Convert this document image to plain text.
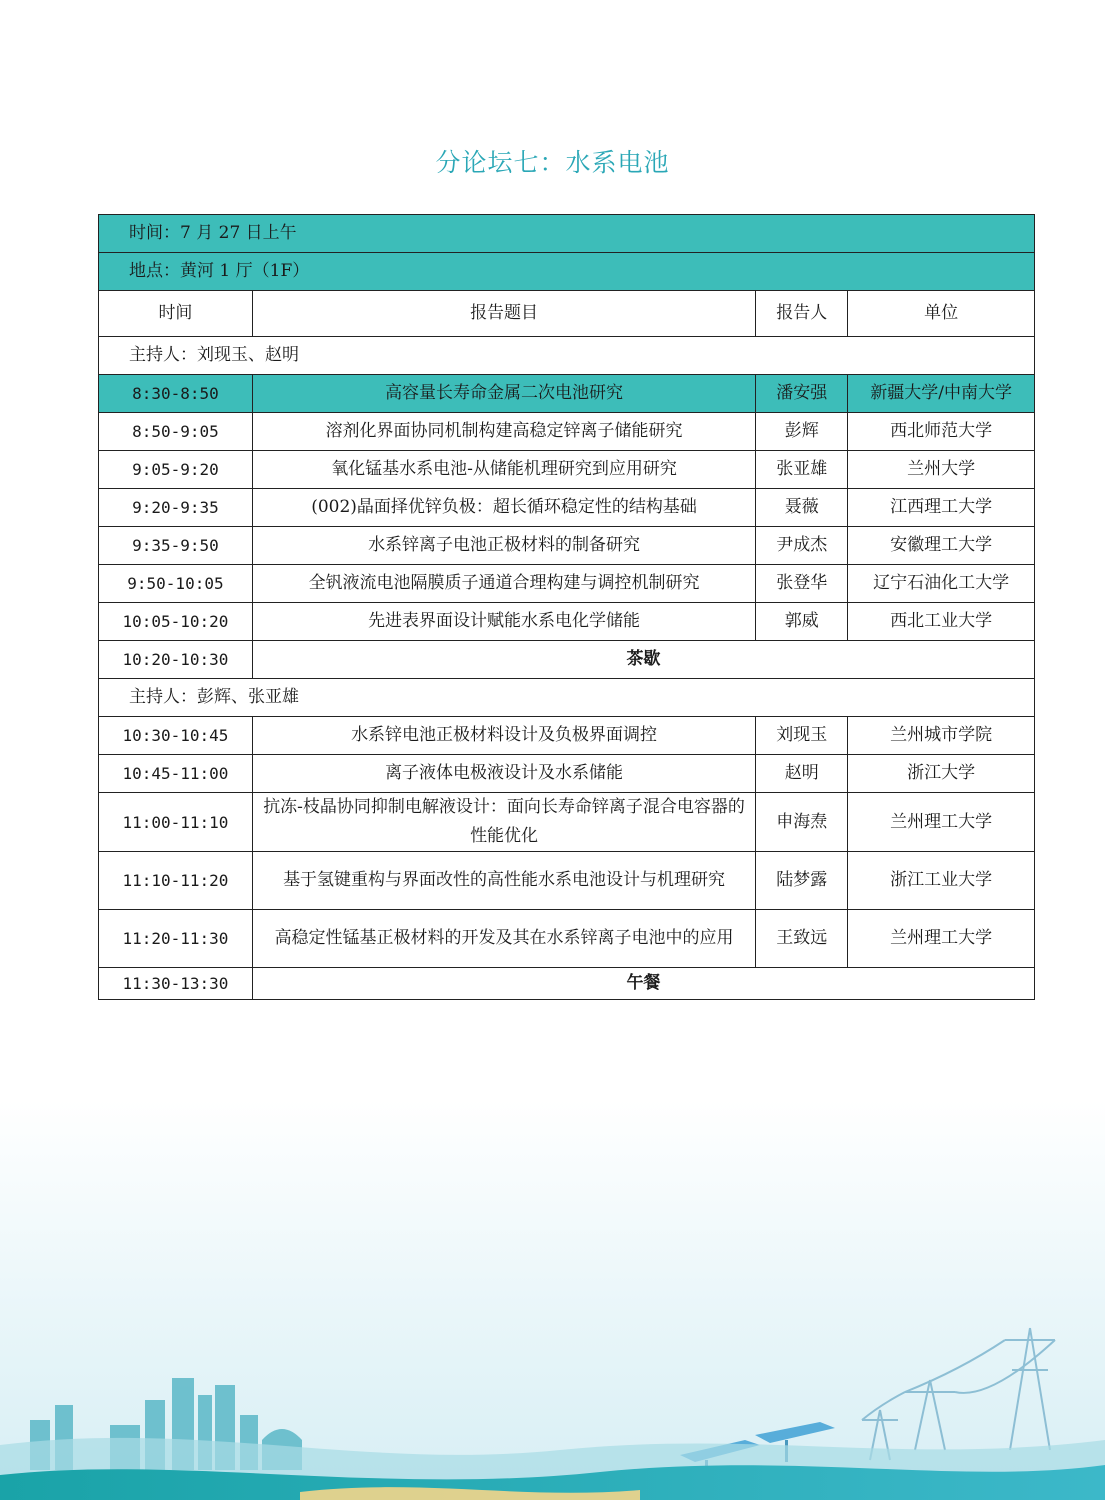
分论坛七：水系电池
时间：7 月 27 日上午			
地点：黄河 1 厅（1F）			
时间	报告题目	报告人	单位
主持人：刘现玉、赵明			
8:30-8:50	高容量长寿命金属二次电池研究	潘安强	新疆大学/中南大学
8:50-9:05	溶剂化界面协同机制构建高稳定锌离子储能研究	彭辉	西北师范大学
9:05-9:20	氧化锰基水系电池-从储能机理研究到应用研究	张亚雄	兰州大学
9:20-9:35	(002)晶面择优锌负极：超长循环稳定性的结构基础	聂薇	江西理工大学
9:35-9:50	水系锌离子电池正极材料的制备研究	尹成杰	安徽理工大学
9:50-10:05	全钒液流电池隔膜质子通道合理构建与调控机制研究	张登华	辽宁石油化工大学
10:05-10:20	先进表界面设计赋能水系电化学储能	郭威	西北工业大学
10:20-10:30	茶歇		
主持人：彭辉、张亚雄			
10:30-10:45	水系锌电池正极材料设计及负极界面调控	刘现玉	兰州城市学院
10:45-11:00	离子液体电极液设计及水系储能	赵明	浙江大学
11:00-11:10	抗冻-枝晶协同抑制电解液设计：面向长寿命锌离子混合电容器的性能优化	申海焘	兰州理工大学
11:10-11:20	基于氢键重构与界面改性的高性能水系电池设计与机理研究	陆梦露	浙江工业大学
11:20-11:30	高稳定性锰基正极材料的开发及其在水系锌离子电池中的应用	王致远	兰州理工大学
11:30-13:30	午餐		
